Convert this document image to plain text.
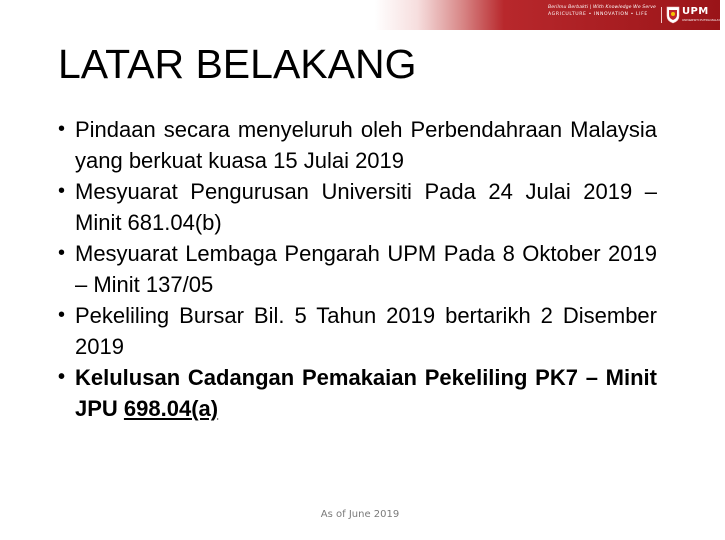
Berilmu Berbakti | With Knowledge We Serve
AGRICULTURE • INNOVATION • LIFE	UPM
UNIVERSITI PUTRA MALAYSIA
LATAR BELAKANG
• Pindaan secara menyeluruh oleh Perbendahraan Malaysia yang berkuat kuasa 15 Julai 2019
• Mesyuarat Pengurusan Universiti Pada 24 Julai 2019 – Minit 681.04(b)
• Mesyuarat Lembaga Pengarah UPM Pada 8 Oktober 2019 – Minit 137/05
• Pekeliling Bursar Bil. 5 Tahun 2019 bertarikh 2 Disember 2019
• Kelulusan Cadangan Pemakaian Pekeliling PK7 – Minit JPU 698.04(a)
As of June 2019
